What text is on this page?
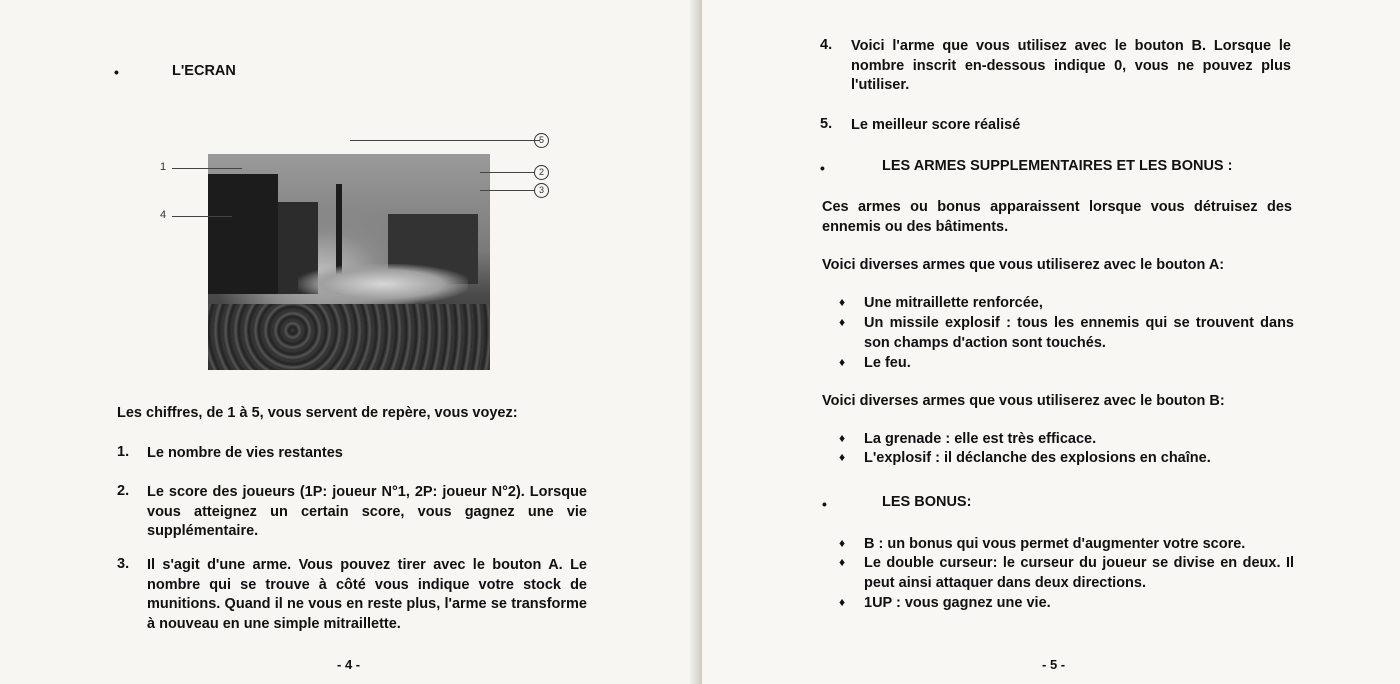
•	L'ECRAN
1
4
5
2
3
Les chiffres, de 1 à 5, vous servent de repère, vous voyez:
1. Le nombre de vies restantes
2. Le score des joueurs (1P: joueur N°1, 2P: joueur N°2). Lorsque vous atteignez un certain score, vous gagnez une vie supplémentaire.
3. Il s'agit d'une arme. Vous pouvez tirer avec le bouton A. Le nombre qui se trouve à côté vous indique votre stock de munitions. Quand il ne vous en reste plus, l'arme se transforme à nouveau en une simple mitraillette.
- 4 -
4. Voici l'arme que vous utilisez avec le bouton B. Lorsque le nombre inscrit en-dessous indique 0, vous ne pouvez plus l'utiliser.
5. Le meilleur score réalisé
•	LES ARMES SUPPLEMENTAIRES ET LES BONUS :
Ces armes ou bonus apparaissent lorsque vous détruisez des ennemis ou des bâtiments.
Voici diverses armes que vous utiliserez avec le bouton A:
♦ Une mitraillette renforcée,
♦ Un missile explosif : tous les ennemis qui se trouvent dans son champs d'action sont touchés.
♦ Le feu.
Voici diverses armes que vous utiliserez avec le bouton B:
♦ La grenade : elle est très efficace.
♦ L'explosif : il déclanche des explosions en chaîne.
•	LES BONUS:
♦ B : un bonus qui vous permet d'augmenter votre score.
♦ Le double curseur: le curseur du joueur se divise en deux. Il peut ainsi attaquer dans deux directions.
♦ 1UP : vous gagnez une vie.
- 5 -
